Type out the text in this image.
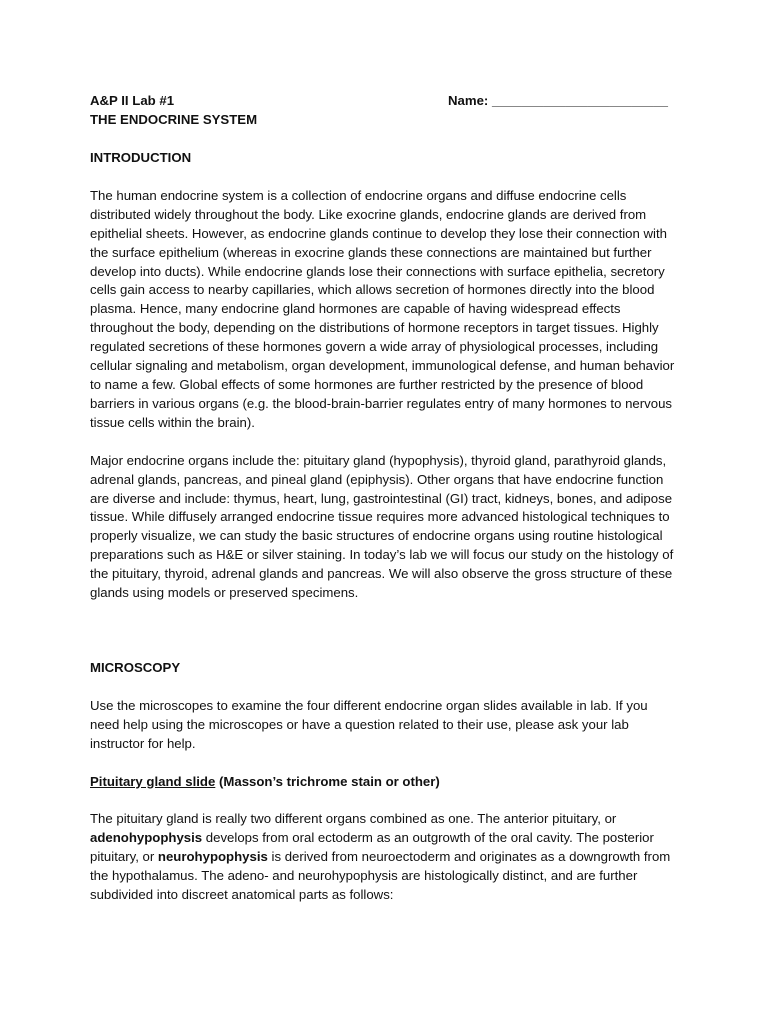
A&P II Lab #1	Name: ________________________
THE ENDOCRINE SYSTEM
INTRODUCTION

The human endocrine system is a collection of endocrine organs and diffuse endocrine cells distributed widely throughout the body. Like exocrine glands, endocrine glands are derived from epithelial sheets. However, as endocrine glands continue to develop they lose their connection with the surface epithelium (whereas in exocrine glands these connections are maintained but further develop into ducts). While endocrine glands lose their connections with surface epithelia, secretory cells gain access to nearby capillaries, which allows secretion of hormones directly into the blood plasma. Hence, many endocrine gland hormones are capable of having widespread effects throughout the body, depending on the distributions of hormone receptors in target tissues. Highly regulated secretions of these hormones govern a wide array of physiological processes, including cellular signaling and metabolism, organ development, immunological defense, and human behavior to name a few. Global effects of some hormones are further restricted by the presence of blood barriers in various organs (e.g. the blood-brain-barrier regulates entry of many hormones to nervous tissue cells within the brain).

Major endocrine organs include the: pituitary gland (hypophysis), thyroid gland, parathyroid glands, adrenal glands, pancreas, and pineal gland (epiphysis). Other organs that have endocrine function are diverse and include: thymus, heart, lung, gastrointestinal (GI) tract, kidneys, bones, and adipose tissue. While diffusely arranged endocrine tissue requires more advanced histological techniques to properly visualize, we can study the basic structures of endocrine organs using routine histological preparations such as H&E or silver staining. In today’s lab we will focus our study on the histology of the pituitary, thyroid, adrenal glands and pancreas. We will also observe the gross structure of these glands using models or preserved specimens.

MICROSCOPY

Use the microscopes to examine the four different endocrine organ slides available in lab. If you need help using the microscopes or have a question related to their use, please ask your lab instructor for help.

Pituitary gland slide (Masson’s trichrome stain or other)

The pituitary gland is really two different organs combined as one. The anterior pituitary, or adenohypophysis develops from oral ectoderm as an outgrowth of the oral cavity. The posterior pituitary, or neurohypophysis is derived from neuroectoderm and originates as a downgrowth from the hypothalamus. The adeno- and neurohypophysis are histologically distinct, and are further subdivided into discreet anatomical parts as follows:
